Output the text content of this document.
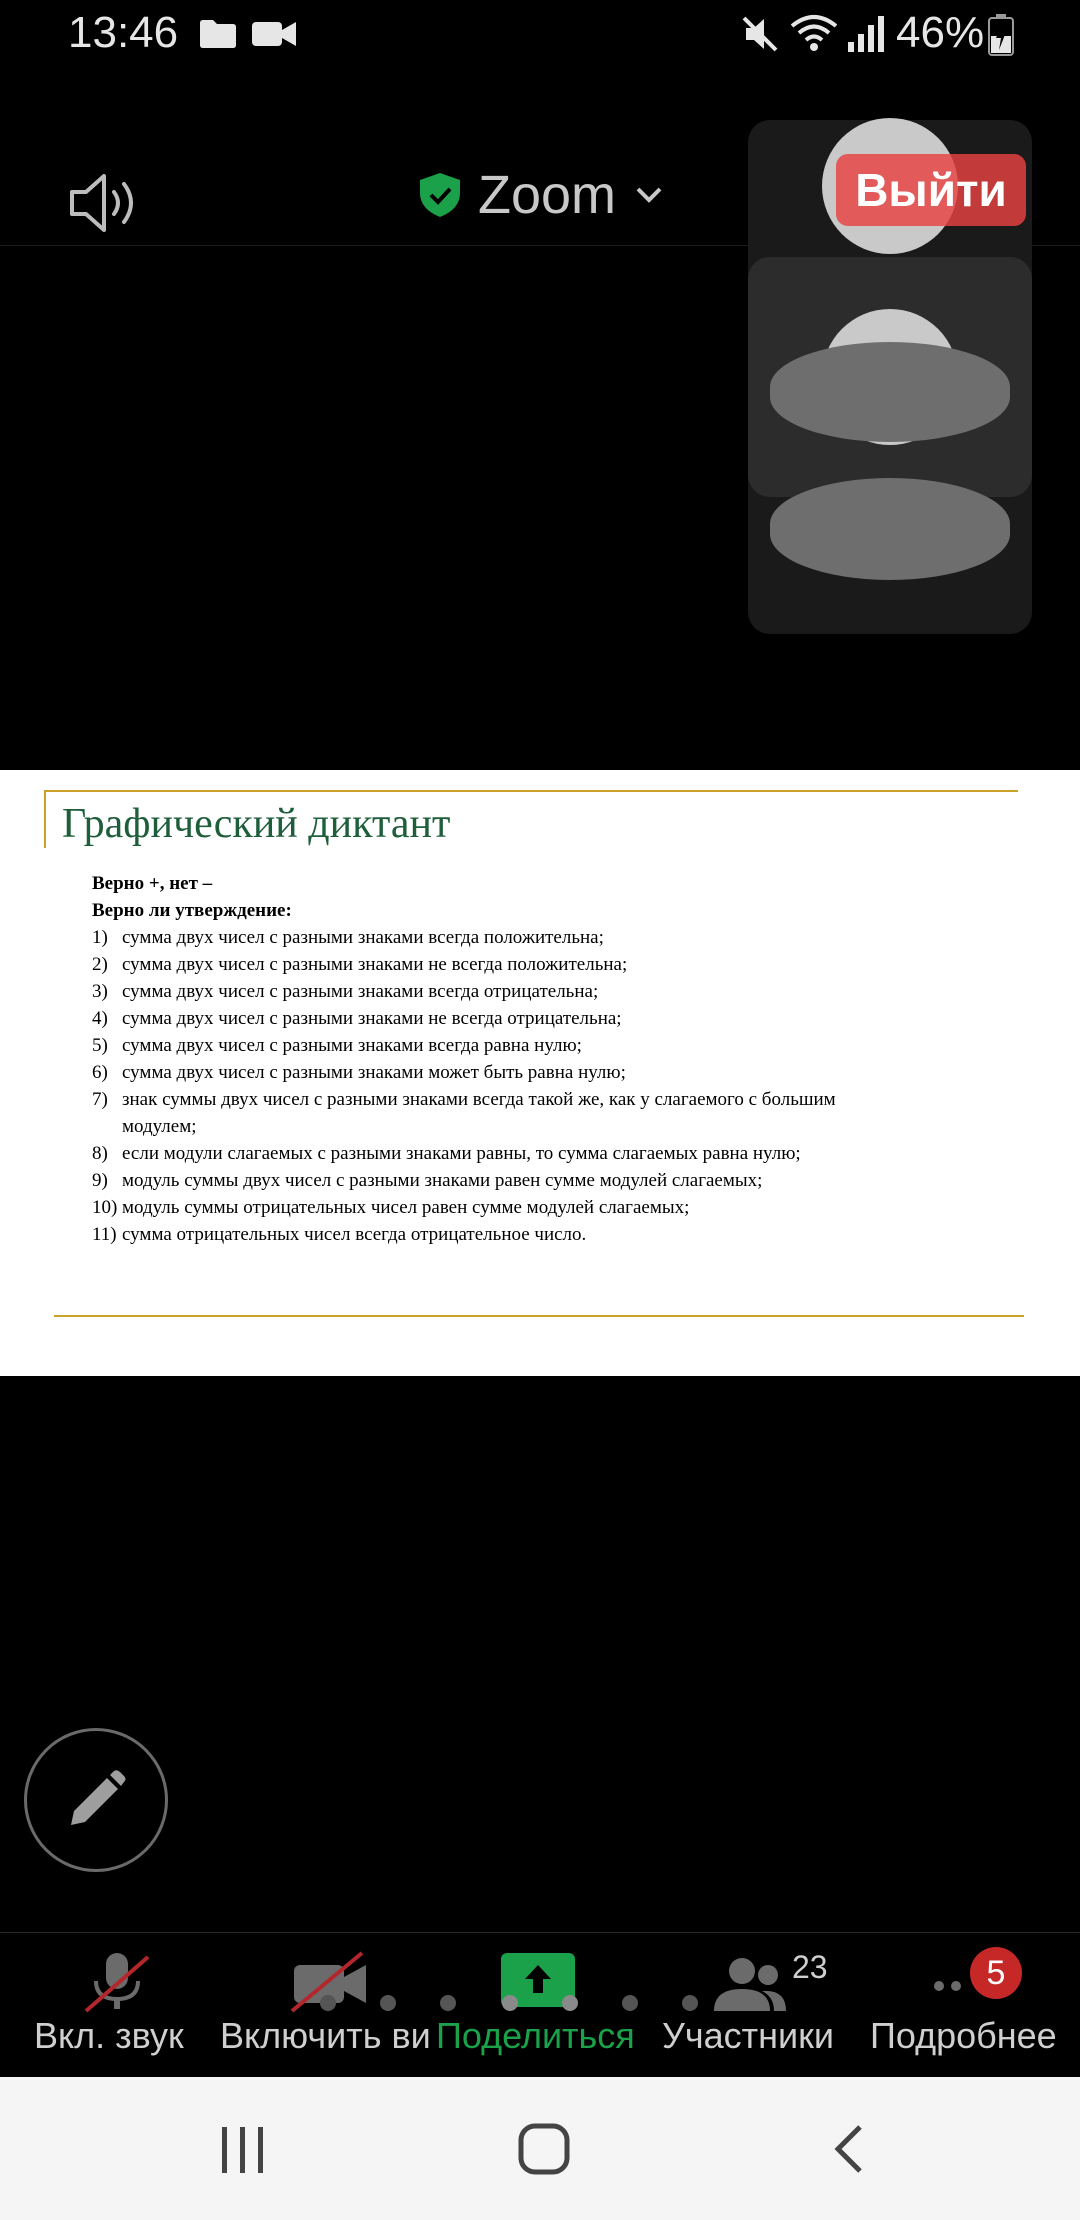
13:46	46%
Zoom	Выйти
Графический диктант
Верно +, нет –
Верно ли утверждение:
1) сумма двух чисел с разными знаками всегда положительна;
2) сумма двух чисел с разными знаками не всегда положительна;
3) сумма двух чисел с разными знаками всегда отрицательна;
4) сумма двух чисел с разными знаками не всегда отрицательна;
5) сумма двух чисел с разными знаками всегда равна нулю;
6) сумма двух чисел с разными знаками может быть равна нулю;
7) знак суммы двух чисел с разными знаками всегда такой же, как у слагаемого с большим модулем;
8) если модули слагаемых с разными знаками равны, то сумма слагаемых равна нулю;
9) модуль суммы двух чисел с разными знаками равен сумме модулей слагаемых;
10) модуль суммы отрицательных чисел равен сумме модулей слагаемых;
11) сумма отрицательных чисел всегда отрицательное число.
Вкл. звук Включить ви Поделиться
23
Участники
5
Подробнее
